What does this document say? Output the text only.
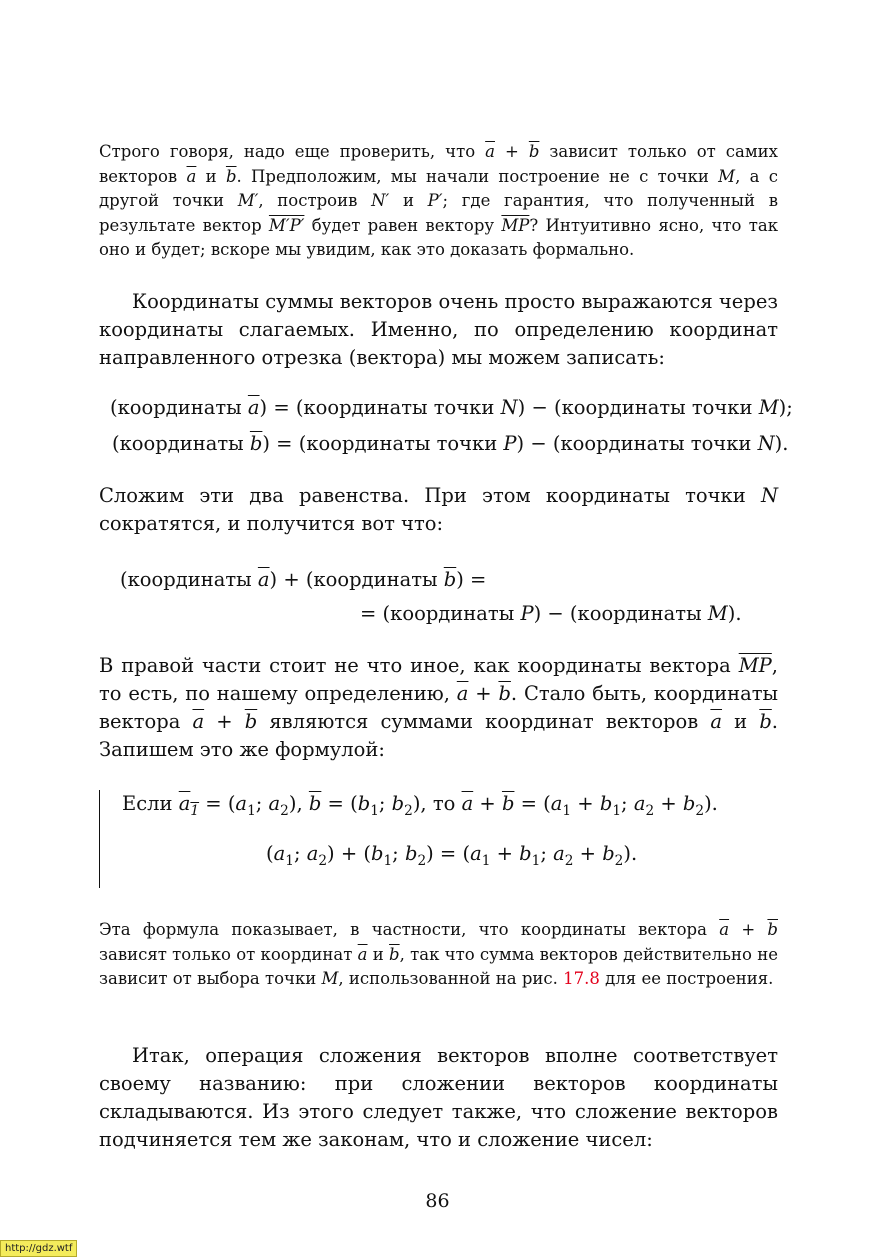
Строго говоря, надо еще проверить, что $\overline{a} + \overline{b}$ зависит только от самих векторов $\overline{a}$ и $\overline{b}$. Предположим, мы начали построение не с точки M, а с другой точки M′, построив N′ и P′; где гарантия, что полученный в результате вектор M′P′ будет равен вектору $\overline{MP}$? Интуитивно ясно, что так оно и будет; вскоре мы увидим, как это доказать формально.

Координаты суммы векторов очень просто выражаются через координаты слагаемых. Именно, по определению координат направленного отрезка (вектора) мы можем записать:

(координаты $\overline{a}$) = (координаты точки N) − (координаты точки M);

(координаты $\overline{b}$) = (координаты точки P) − (координаты точки N).

Сложим эти два равенства. При этом координаты точки N сократятся, и получится вот что:

(координаты $\overline{a}$) + (координаты $\overline{b}$) =

= (координаты P) − (координаты M).

В правой части стоит не что иное, как координаты вектора $\overline{MP}$, то есть, по нашему определению, $\overline{a} + \overline{b}$. Стало быть, координаты вектора $\overline{a} + \overline{b}$ являются суммами координат векторов $\overline{a}$ и $\overline{b}$. Запишем это же формулой:

Если $a_1 = (a_1$; $a_2$), $\overline{b} = (b_1$; $b_2$), то $\overline{a} + \overline{b} = (a_1 + b_1$; $a_2 + b_2$).

($a_1$; $a_2) + (b_1$; $b_2) = (a_1 + b_1$; $a_2 + b_2$).

Эта формула показывает, в частности, что координаты вектора $\overline{a} + \overline{b}$ зависят только от координат $\overline{a}$ и $\overline{b}$, так что сумма векторов действительно не зависит от выбора точки M, использованной на рис. 17.8 для ее построения.

Итак, операция сложения векторов вполне соответствует своему названию: при сложении векторов координаты складываются. Из этого следует также, что сложение векторов подчиняется тем же законам, что и сложение чисел:

86
http://gdz.wtf
